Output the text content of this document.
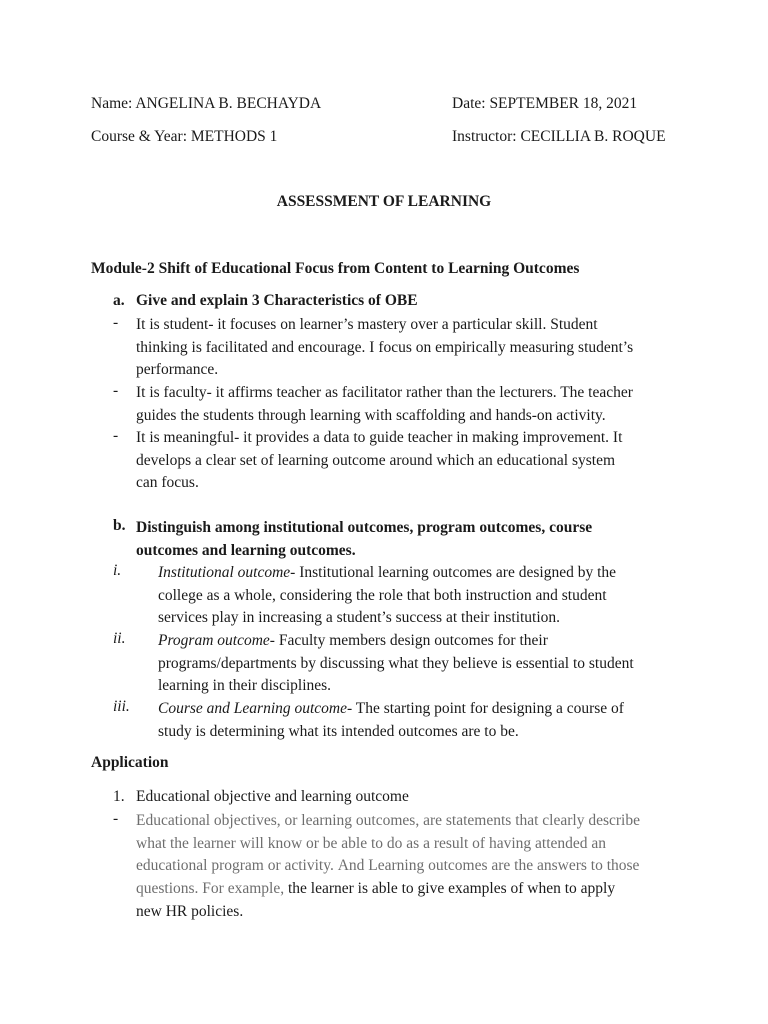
Name: ANGELINA B. BECHAYDA	Date: SEPTEMBER 18, 2021
Course & Year: METHODS 1	Instructor: CECILLIA B. ROQUE
ASSESSMENT OF LEARNING
Module-2 Shift of Educational Focus from Content to Learning Outcomes
a. Give and explain 3 Characteristics of OBE
- It is student- it focuses on learner’s mastery over a particular skill. Student
thinking is facilitated and encourage. I focus on empirically measuring student’s
performance.
- It is faculty- it affirms teacher as facilitator rather than the lecturers. The teacher
guides the students through learning with scaffolding and hands-on activity.
- It is meaningful- it provides a data to guide teacher in making improvement. It
develops a clear set of learning outcome around which an educational system
can focus.
b. Distinguish among institutional outcomes, program outcomes, course
outcomes and learning outcomes.
i. Institutional outcome- Institutional learning outcomes are designed by the
college as a whole, considering the role that both instruction and student
services play in increasing a student’s success at their institution.
ii. Program outcome- Faculty members design outcomes for their
programs/departments by discussing what they believe is essential to student
learning in their disciplines.
iii. Course and Learning outcome- The starting point for designing a course of
study is determining what its intended outcomes are to be.
Application
1. Educational objective and learning outcome
- Educational objectives, or learning outcomes, are statements that clearly describe
what the learner will know or be able to do as a result of having attended an
educational program or activity. And Learning outcomes are the answers to those
questions. For example, the learner is able to give examples of when to apply
new HR policies.
